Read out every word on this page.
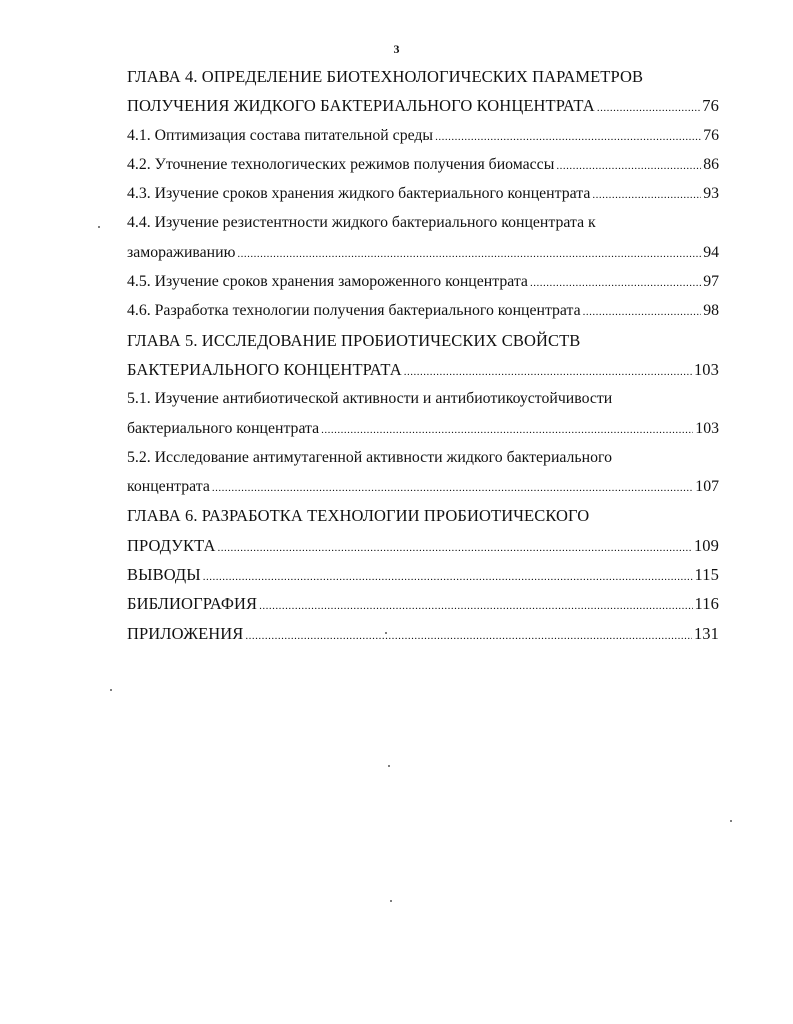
3
ГЛАВА 4. ОПРЕДЕЛЕНИЕ БИОТЕХНОЛОГИЧЕСКИХ ПАРАМЕТРОВ
ПОЛУЧЕНИЯ ЖИДКОГО БАКТЕРИАЛЬНОГО КОНЦЕНТРАТА .....	76
4.1. Оптимизация состава питательной среды .....	76
4.2. Уточнение технологических режимов получения биомассы .....	86
4.3. Изучение сроков хранения жидкого бактериального концентрата .....	93
4.4. Изучение резистентности жидкого бактериального концентрата к
замораживанию .....	94
4.5. Изучение сроков хранения замороженного концентрата .....	97
4.6. Разработка технологии получения бактериального концентрата .....	98
ГЛАВА 5. ИССЛЕДОВАНИЕ ПРОБИОТИЧЕСКИХ СВОЙСТВ
БАКТЕРИАЛЬНОГО КОНЦЕНТРАТА .....	103
5.1. Изучение антибиотической активности и антибиотикоустойчивости
бактериального концентрата .....	103
5.2. Исследование антимутагенной активности жидкого бактериального
концентрата .....	107
ГЛАВА 6. РАЗРАБОТКА ТЕХНОЛОГИИ ПРОБИОТИЧЕСКОГО
ПРОДУКТА .....	109
ВЫВОДЫ .....	115
БИБЛИОГРАФИЯ .....	116
ПРИЛОЖЕНИЯ .....	131
